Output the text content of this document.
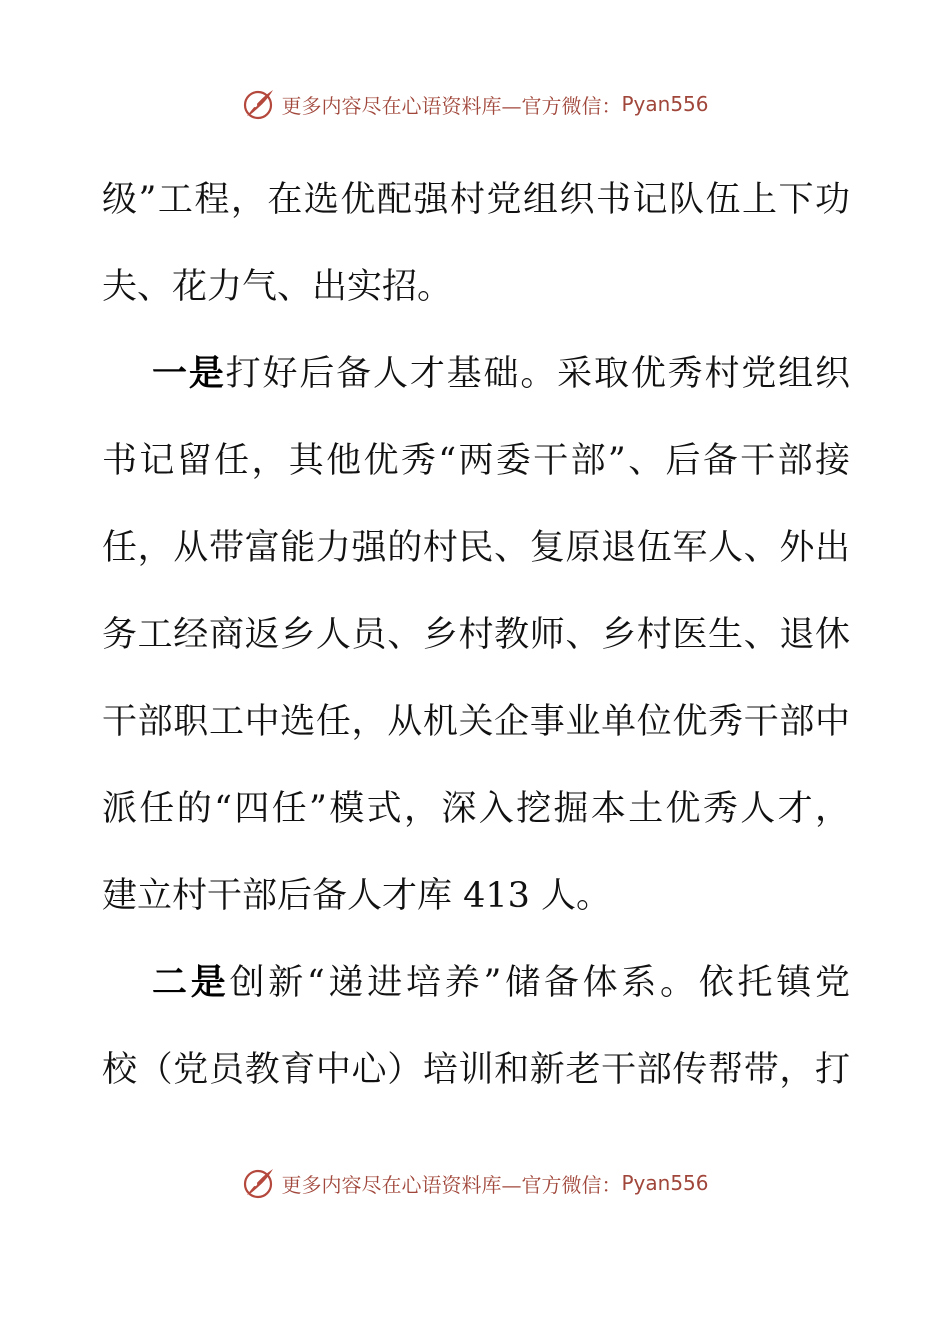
更多内容尽在心语资料库 —官方微信： Pyan556
级”工程，在选优配强村党组织书记队伍上下功
夫、花力气、出实招。
一是打好后备人才基础。采取优秀村党组织
书记留任，其他优秀“两委干部”、后备干部接
任，从带富能力强的村民、复原退伍军人、外出
务工经商返乡人员、乡村教师、乡村医生、退休
干部职工中选任，从机关企事业单位优秀干部中
派任的“四任”模式，深入挖掘本土优秀人才，
建立村干部后备人才库 413 人。
二是创新“递进培养”储备体系。依托镇党
校（党员教育中心）培训和新老干部传帮带，打
更多内容尽在心语资料库 —官方微信： Pyan556
